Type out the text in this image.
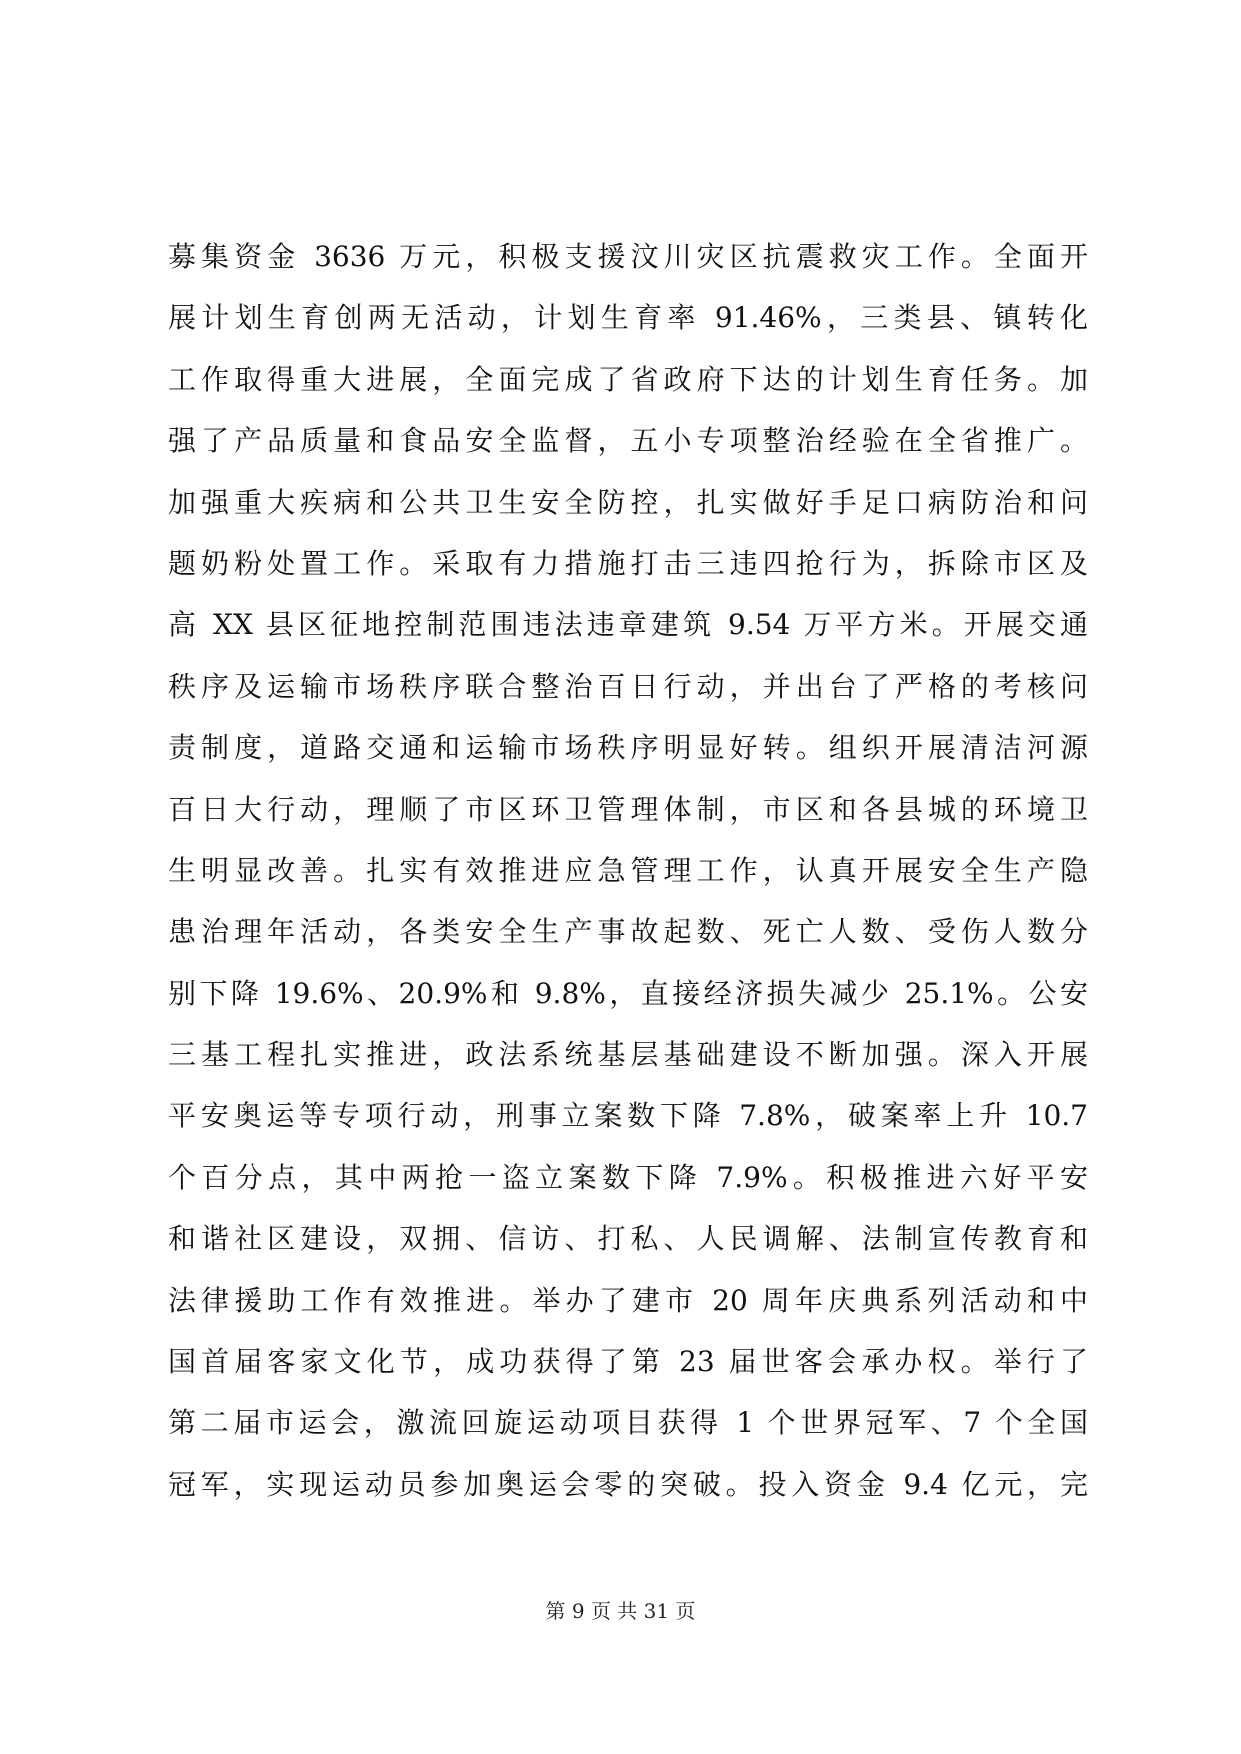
募集资金 3636 万元，积极支援汶川灾区抗震救灾工作。全面开
展计划生育创两无活动，计划生育率 91.46%，三类县、镇转化
工作取得重大进展，全面完成了省政府下达的计划生育任务。加
强了产品质量和食品安全监督，五小专项整治经验在全省推广。
加强重大疾病和公共卫生安全防控，扎实做好手足口病防治和问
题奶粉处置工作。采取有力措施打击三违四抢行为，拆除市区及
高 XX 县区征地控制范围违法违章建筑 9.54 万平方米。开展交通
秩序及运输市场秩序联合整治百日行动，并出台了严格的考核问
责制度，道路交通和运输市场秩序明显好转。组织开展清洁河源
百日大行动，理顺了市区环卫管理体制，市区和各县城的环境卫
生明显改善。扎实有效推进应急管理工作，认真开展安全生产隐
患治理年活动，各类安全生产事故起数、死亡人数、受伤人数分
别下降 19.6%、20.9%和 9.8%，直接经济损失减少 25.1%。公安
三基工程扎实推进，政法系统基层基础建设不断加强。深入开展
平安奥运等专项行动，刑事立案数下降 7.8%，破案率上升 10.7
个百分点，其中两抢一盗立案数下降 7.9%。积极推进六好平安
和谐社区建设，双拥、信访、打私、人民调解、法制宣传教育和
法律援助工作有效推进。举办了建市 20 周年庆典系列活动和中
国首届客家文化节，成功获得了第 23 届世客会承办权。举行了
第二届市运会，激流回旋运动项目获得 1 个世界冠军、7 个全国
冠军，实现运动员参加奥运会零的突破。投入资金 9.4 亿元，完
第 9 页 共 31 页
